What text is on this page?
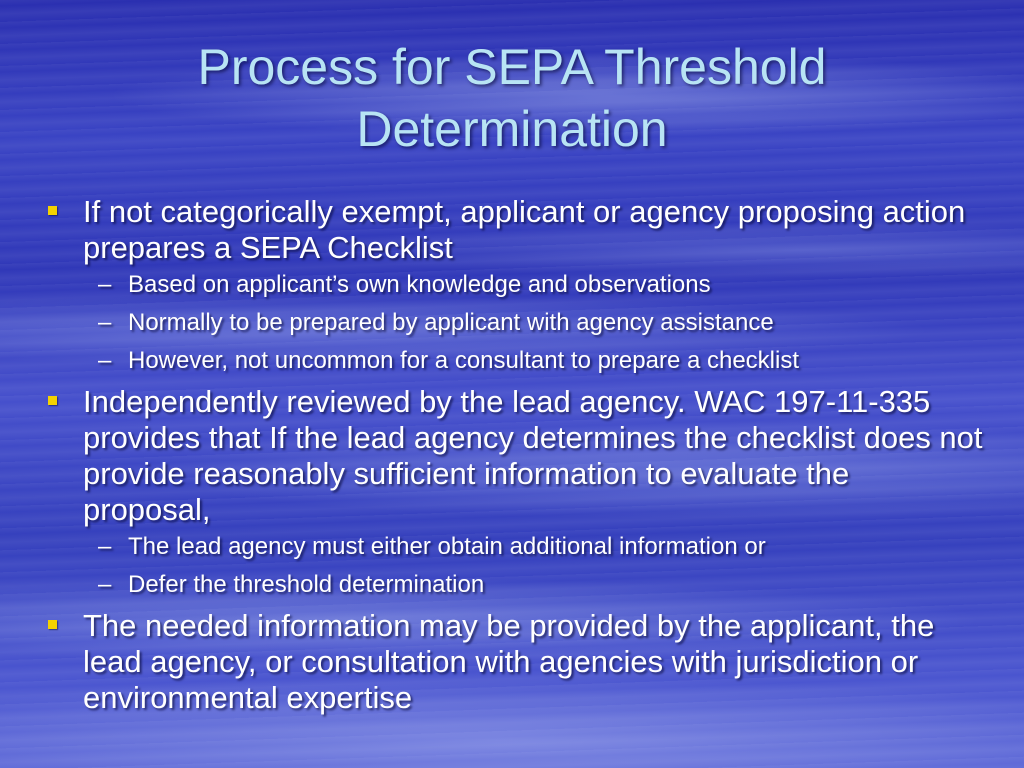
Process for SEPA Threshold
Determination
If not categorically exempt, applicant or agency proposing action prepares a SEPA Checklist
– Based on applicant’s own knowledge and observations
– Normally to be prepared by applicant with agency assistance
– However, not uncommon for a consultant to prepare a checklist
Independently reviewed by the lead agency. WAC 197-11-335 provides that If the lead agency determines the checklist does not provide reasonably sufficient information to evaluate the proposal,
– The lead agency must either obtain additional information or
– Defer the threshold determination
The needed information may be provided by the applicant, the lead agency, or consultation with agencies with jurisdiction or environmental expertise
